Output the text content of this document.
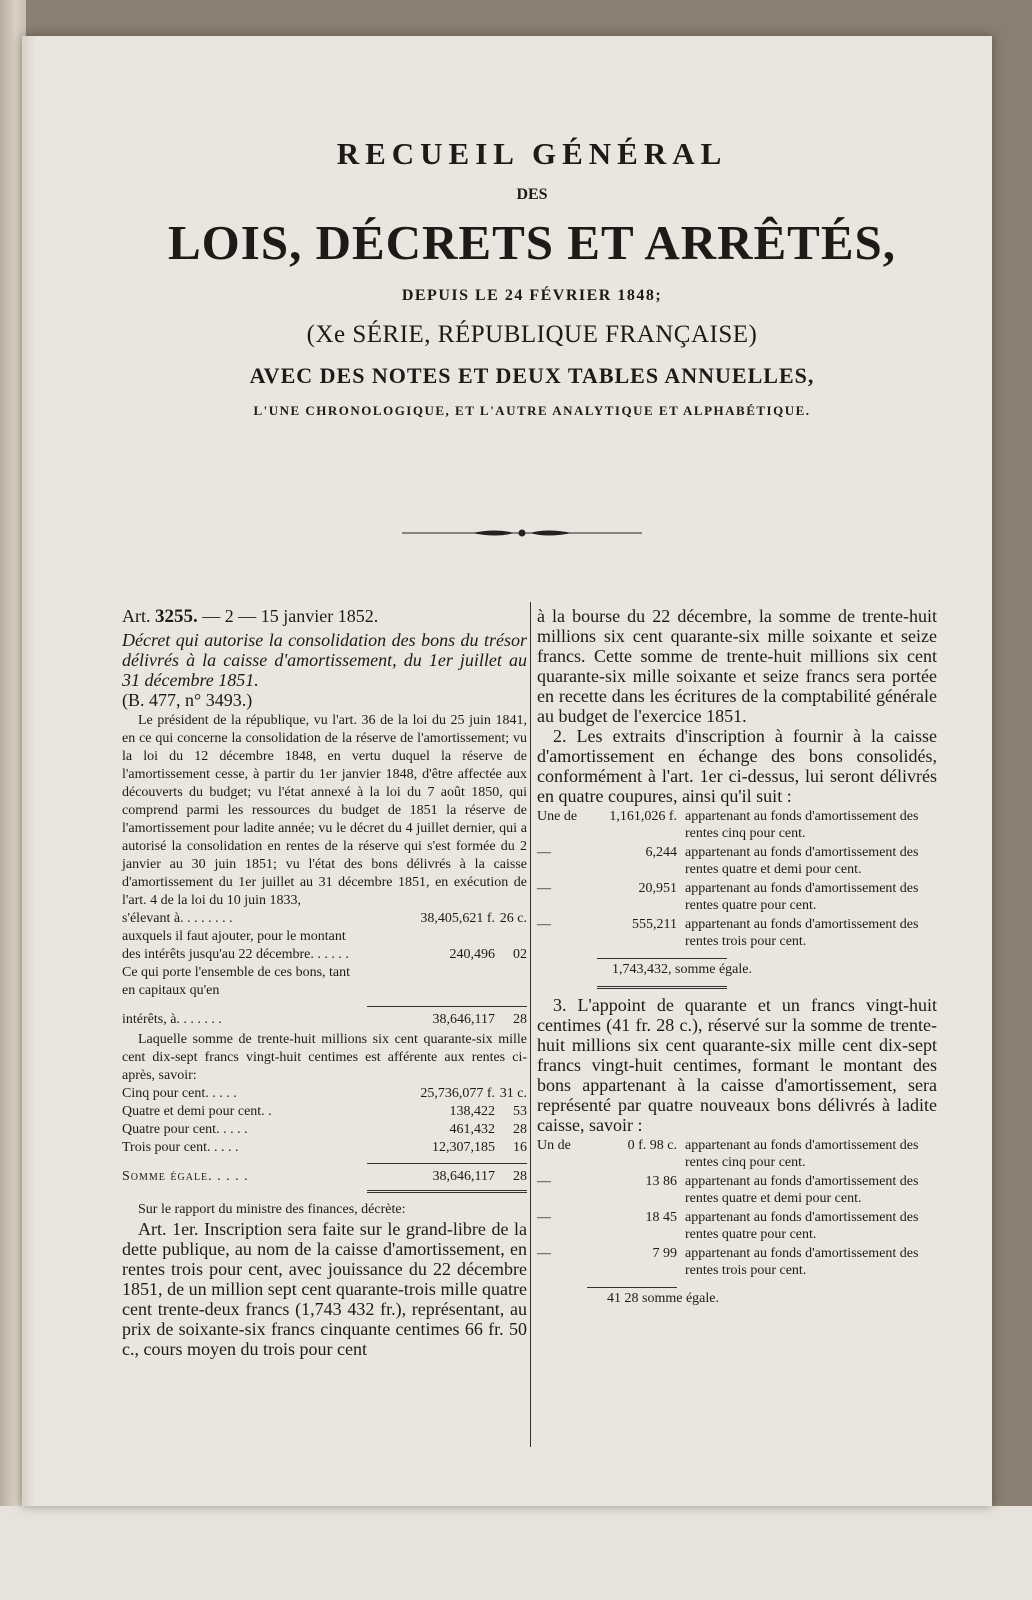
RECUEIL GÉNÉRAL

DES

LOIS, DÉCRETS ET ARRÊTÉS,

DEPUIS LE 24 FÉVRIER 1848;

(Xe SÉRIE, RÉPUBLIQUE FRANÇAISE)

AVEC DES NOTES ET DEUX TABLES ANNUELLES,

L'UNE CHRONOLOGIQUE, ET L'AUTRE ANALYTIQUE ET ALPHABÉTIQUE.

Art. 3255. — 2 — 15 janvier 1852.

Décret qui autorise la consolidation des bons du trésor délivrés à la caisse d'amortissement, du 1er juillet au 31 décembre 1851.

(B. 477, n° 3493.)

Le président de la république, vu l'art. 36 de la loi du 25 juin 1841, en ce qui concerne la consolidation de la réserve de l'amortissement; vu la loi du 12 décembre 1848, en vertu duquel la réserve de l'amortissement cesse, à partir du 1er janvier 1848, d'être affectée aux découverts du budget; vu l'état annexé à la loi du 7 août 1850, qui comprend parmi les ressources du budget de 1851 la réserve de l'amortissement pour ladite année; vu le décret du 4 juillet dernier, qui a autorisé la consolidation en rentes de la réserve qui s'est formée du 2 janvier au 30 juin 1851; vu l'état des bons délivrés à la caisse d'amortissement du 1er juillet au 31 décembre 1851, en exécution de l'art. 4 de la loi du 10 juin 1833,

s'élevant à. . . . . . . .	38,405,621 f. 26 c.
auxquels il faut ajouter, pour le montant des intérêts jusqu'au 22 décembre. . . . . .	240,496	02
Ce qui porte l'ensemble de ces bons, tant en capitaux qu'en
intérêts, à. . . . . . .	38,646,117	28

Laquelle somme de trente-huit millions six cent quarante-six mille cent dix-sept francs vingt-huit centimes est afférente aux rentes ci-après, savoir:

Cinq pour cent. . . . .	25,736,077 f. 31 c.
Quatre et demi pour cent. .	138,422	53
Quatre pour cent. . . . .	461,432	28
Trois pour cent. . . . .	12,307,185	16
Somme égale. . . . .	38,646,117	28

Sur le rapport du ministre des finances, décrète:

Art. 1er. Inscription sera faite sur le grand-libre de la dette publique, au nom de la caisse d'amortissement, en rentes trois pour cent, avec jouissance du 22 décembre 1851, de un million sept cent quarante-trois mille quatre cent trente-deux francs (1,743 432 fr.), représentant, au prix de soixante-six francs cinquante centimes 66 fr. 50 c., cours moyen du trois pour cent

à la bourse du 22 décembre, la somme de trente-huit millions six cent quarante-six mille soixante et seize francs. Cette somme de trente-huit millions six cent quarante-six mille soixante et seize francs sera portée en recette dans les écritures de la comptabilité générale au budget de l'exercice 1851.

2. Les extraits d'inscription à fournir à la caisse d'amortissement en échange des bons consolidés, conformément à l'art. 1er ci-dessus, lui seront délivrés en quatre coupures, ainsi qu'il suit :

Une de	1,161,026 f. appartenant au fonds d'amortissement des rentes cinq pour cent.
—	6,244 appartenant au fonds d'amortissement des rentes quatre et demi pour cent.
—	20,951 appartenant au fonds d'amortissement des rentes quatre pour cent.
—	555,211 appartenant au fonds d'amortissement des rentes trois pour cent.
1,743,432, somme égale.

3. L'appoint de quarante et un francs vingt-huit centimes (41 fr. 28 c.), réservé sur la somme de trente-huit millions six cent quarante-six mille cent dix-sept francs vingt-huit centimes, formant le montant des bons appartenant à la caisse d'amortissement, sera représenté par quatre nouveaux bons délivrés à ladite caisse, savoir :

Un de	0 f. 98 c. appartenant au fonds d'amortissement des rentes cinq pour cent.
—	13 86 appartenant au fonds d'amortissement des rentes quatre et demi pour cent.
—	18 45 appartenant au fonds d'amortissement des rentes quatre pour cent.
—	7 99 appartenant au fonds d'amortissement des rentes trois pour cent.
41 28 somme égale.
